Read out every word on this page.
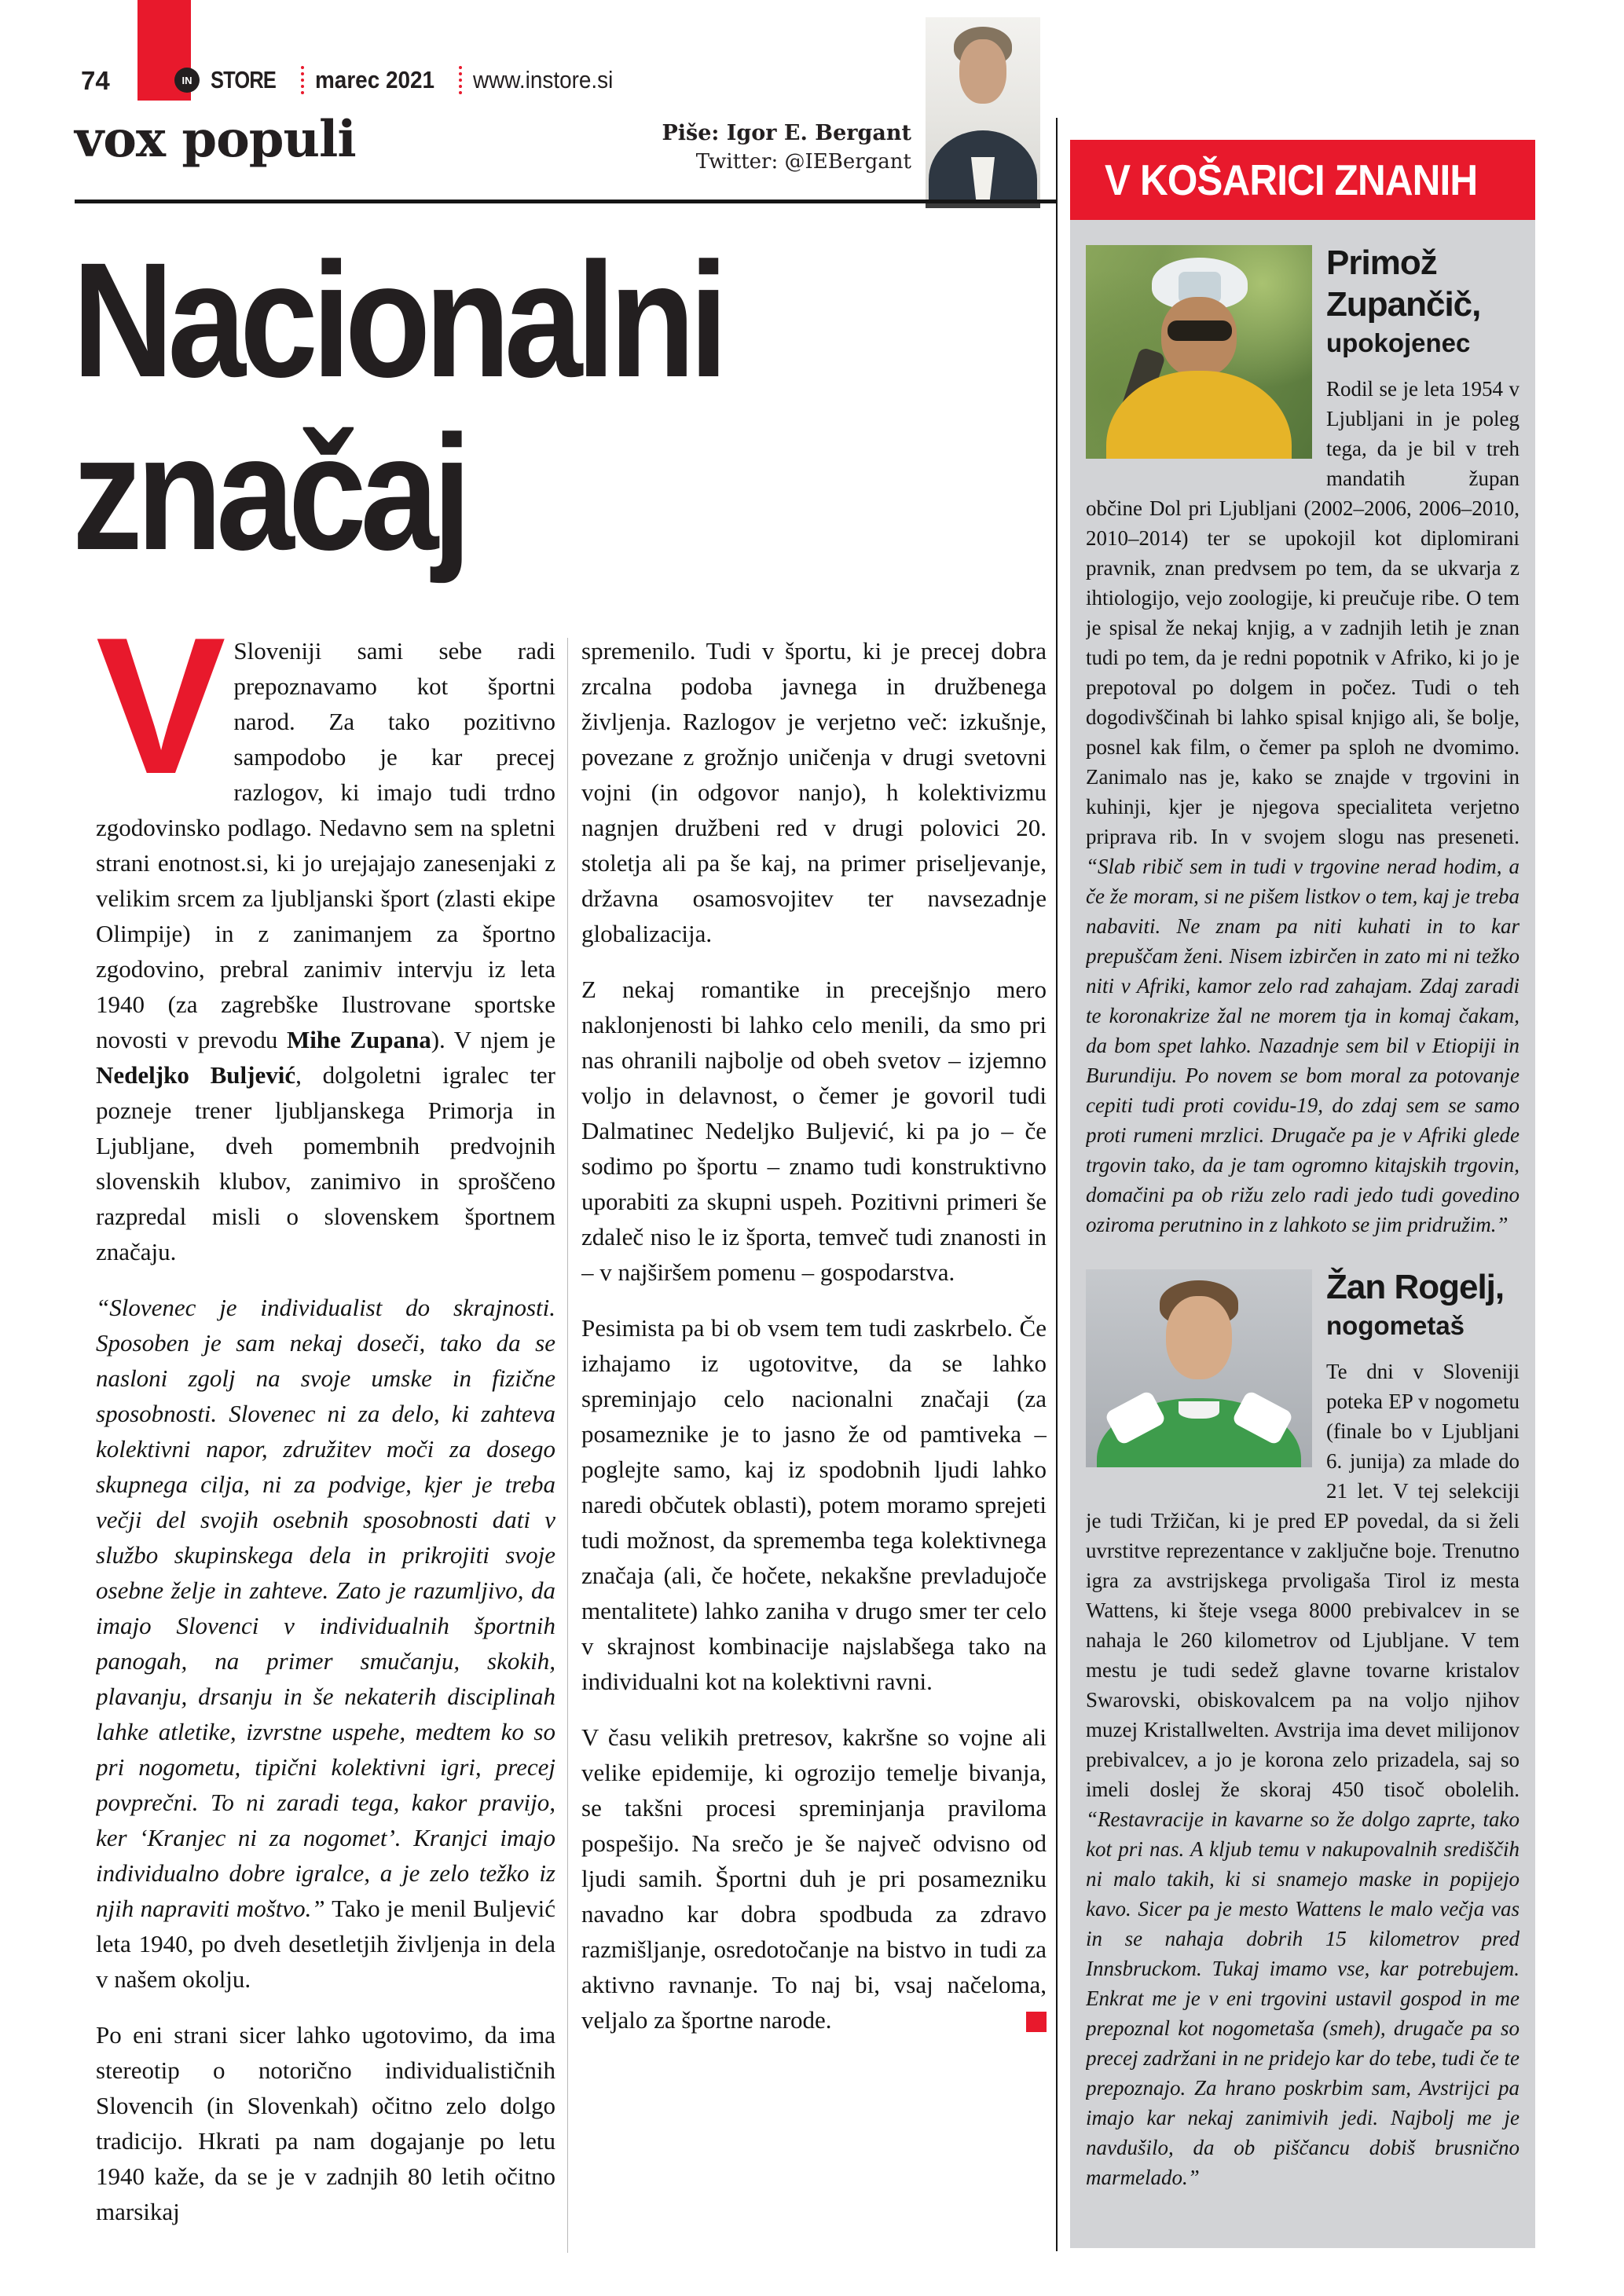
74	IN STORE marec 2021 www.instore.si
vox populi	Piše: Igor E. Bergant
Twitter: @IEBergant
Nacionalni
značaj

V Sloveniji sami sebe radi prepoznavamo kot športni narod. Za tako pozitivno sampodobo je kar precej razlogov, ki imajo tudi trdno zgodovinsko podlago. Nedavno sem na spletni strani enotnost.si, ki jo urejajajo zanesenjaki z velikim srcem za ljubljanski šport (zlasti ekipe Olimpije) in z zanimanjem za športno zgodovino, prebral zanimiv intervju iz leta 1940 (za zagrebške Ilustrovane sportske novosti v prevodu Mihe Zupana). V njem je Nedeljko Buljević, dolgoletni igralec ter pozneje trener ljubljanskega Primorja in Ljubljane, dveh pomembnih predvojnih slovenskih klubov, zanimivo in sproščeno razpredal misli o slovenskem športnem značaju.

“Slovenec je individualist do skrajnosti. Sposoben je sam nekaj doseči, tako da se nasloni zgolj na svoje umske in fizične sposobnosti. Slovenec ni za delo, ki zahteva kolektivni napor, združitev moči za dosego skupnega cilja, ni za podvige, kjer je treba večji del svojih osebnih sposobnosti dati v službo skupinskega dela in prikrojiti svoje osebne želje in zahteve. Zato je razumljivo, da imajo Slovenci v individualnih športnih panogah, na primer smučanju, skokih, plavanju, drsanju in še nekaterih disciplinah lahke atletike, izvrstne uspehe, medtem ko so pri nogometu, tipični kolektivni igri, precej povprečni. To ni zaradi tega, kakor pravijo, ker ‘Kranjec ni za nogomet’. Kranjci imajo individualno dobre igralce, a je zelo težko iz njih napraviti moštvo.” Tako je menil Buljević leta 1940, po dveh desetletjih življenja in dela v našem okolju.

Po eni strani sicer lahko ugotovimo, da ima stereotip o notorično individualističnih Slovencih (in Slovenkah) očitno zelo dolgo tradicijo. Hkrati pa nam dogajanje po letu 1940 kaže, da se je v zadnjih 80 letih očitno marsikaj

spremenilo. Tudi v športu, ki je precej dobra zrcalna podoba javnega in družbenega življenja. Razlogov je verjetno več: izkušnje, povezane z grožnjo uničenja v drugi svetovni vojni (in odgovor nanjo), h kolektivizmu nagnjen družbeni red v drugi polovici 20. stoletja ali pa še kaj, na primer priseljevanje, državna osamosvojitev ter navsezadnje globalizacija.

Z nekaj romantike in precejšnjo mero naklonjenosti bi lahko celo menili, da smo pri nas ohranili najbolje od obeh svetov – izjemno voljo in delavnost, o čemer je govoril tudi Dalmatinec Nedeljko Buljević, ki pa jo – če sodimo po športu – znamo tudi konstruktivno uporabiti za skupni uspeh. Pozitivni primeri še zdaleč niso le iz športa, temveč tudi znanosti in – v najširšem pomenu – gospodarstva.

Pesimista pa bi ob vsem tem tudi zaskrbelo. Če izhajamo iz ugotovitve, da se lahko spreminjajo celo nacionalni značaji (za posameznike je to jasno že od pamtiveka – poglejte samo, kaj iz spodobnih ljudi lahko naredi občutek oblasti), potem moramo sprejeti tudi možnost, da sprememba tega kolektivnega značaja (ali, če hočete, nekakšne prevladujoče mentalitete) lahko zaniha v drugo smer ter celo v skrajnost kombinacije najslabšega tako na individualni kot na kolektivni ravni.

V času velikih pretresov, kakršne so vojne ali velike epidemije, ki ogrozijo temelje bivanja, se takšni procesi spreminjanja praviloma pospešijo. Na srečo je še največ odvisno od ljudi samih. Športni duh je pri posamezniku navadno kar dobra spodbuda za zdravo razmišljanje, osredotočanje na bistvo in tudi za aktivno ravnanje. To naj bi, vsaj načeloma, veljalo za športne narode.

V KOŠARICI ZNANIH
Primož Zupančič,
upokojenec

Rodil se je leta 1954 v Ljubljani in je poleg tega, da je bil v treh mandatih župan občine Dol pri Ljubljani (2002–2006, 2006–2010, 2010–2014) ter se upokojil kot diplomirani pravnik, znan predvsem po tem, da se ukvarja z ihtiologijo, vejo zoologije, ki preučuje ribe. O tem je spisal že nekaj knjig, a v zadnjih letih je znan tudi po tem, da je redni popotnik v Afriko, ki jo je prepotoval po dolgem in počez. Tudi o teh dogodivščinah bi lahko spisal knjigo ali, še bolje, posnel kak film, o čemer pa sploh ne dvomimo. Zanimalo nas je, kako se znajde v trgovini in kuhinji, kjer je njegova specialiteta verjetno priprava rib. In v svojem slogu nas preseneti. “Slab ribič sem in tudi v trgovine nerad hodim, a če že moram, si ne pišem listkov o tem, kaj je treba nabaviti. Ne znam pa niti kuhati in to kar prepuščam ženi. Nisem izbirčen in zato mi ni težko niti v Afriki, kamor zelo rad zahajam. Zdaj zaradi te koronakrize žal ne morem tja in komaj čakam, da bom spet lahko. Nazadnje sem bil v Etiopiji in Burundiju. Po novem se bom moral za potovanje cepiti tudi proti covidu-19, do zdaj sem se samo proti rumeni mrzlici. Drugače pa je v Afriki glede trgovin tako, da je tam ogromno kitajskih trgovin, domačini pa ob rižu zelo radi jedo tudi govedino oziroma perutnino in z lahkoto se jim pridružim.”

Žan Rogelj,
nogometaš

Te dni v Sloveniji poteka EP v nogometu (finale bo v Ljubljani 6. junija) za mlade do 21 let. V tej selekciji je tudi Tržičan, ki je pred EP povedal, da si želi uvrstitve reprezentance v zaključne boje. Trenutno igra za avstrijskega prvoligaša Tirol iz mesta Wattens, ki šteje vsega 8000 prebivalcev in se nahaja le 260 kilometrov od Ljubljane. V tem mestu je tudi sedež glavne tovarne kristalov Swarovski, obiskovalcem pa na voljo njihov muzej Kristallwelten. Avstrija ima devet milijonov prebivalcev, a jo je korona zelo prizadela, saj so imeli doslej že skoraj 450 tisoč obolelih. “Restavracije in kavarne so že dolgo zaprte, tako kot pri nas. A kljub temu v nakupovalnih središčih ni malo takih, ki si snamejo maske in popijejo kavo. Sicer pa je mesto Wattens le malo večja vas in se nahaja dobrih 15 kilometrov pred Innsbruckom. Tukaj imamo vse, kar potrebujem. Enkrat me je v eni trgovini ustavil gospod in me prepoznal kot nogometaša (smeh), drugače pa so precej zadržani in ne pridejo kar do tebe, tudi če te prepoznajo. Za hrano poskrbim sam, Avstrijci pa imajo kar nekaj zanimivih jedi. Najbolj me je navdušilo, da ob piščancu dobiš brusnično marmelado.”
